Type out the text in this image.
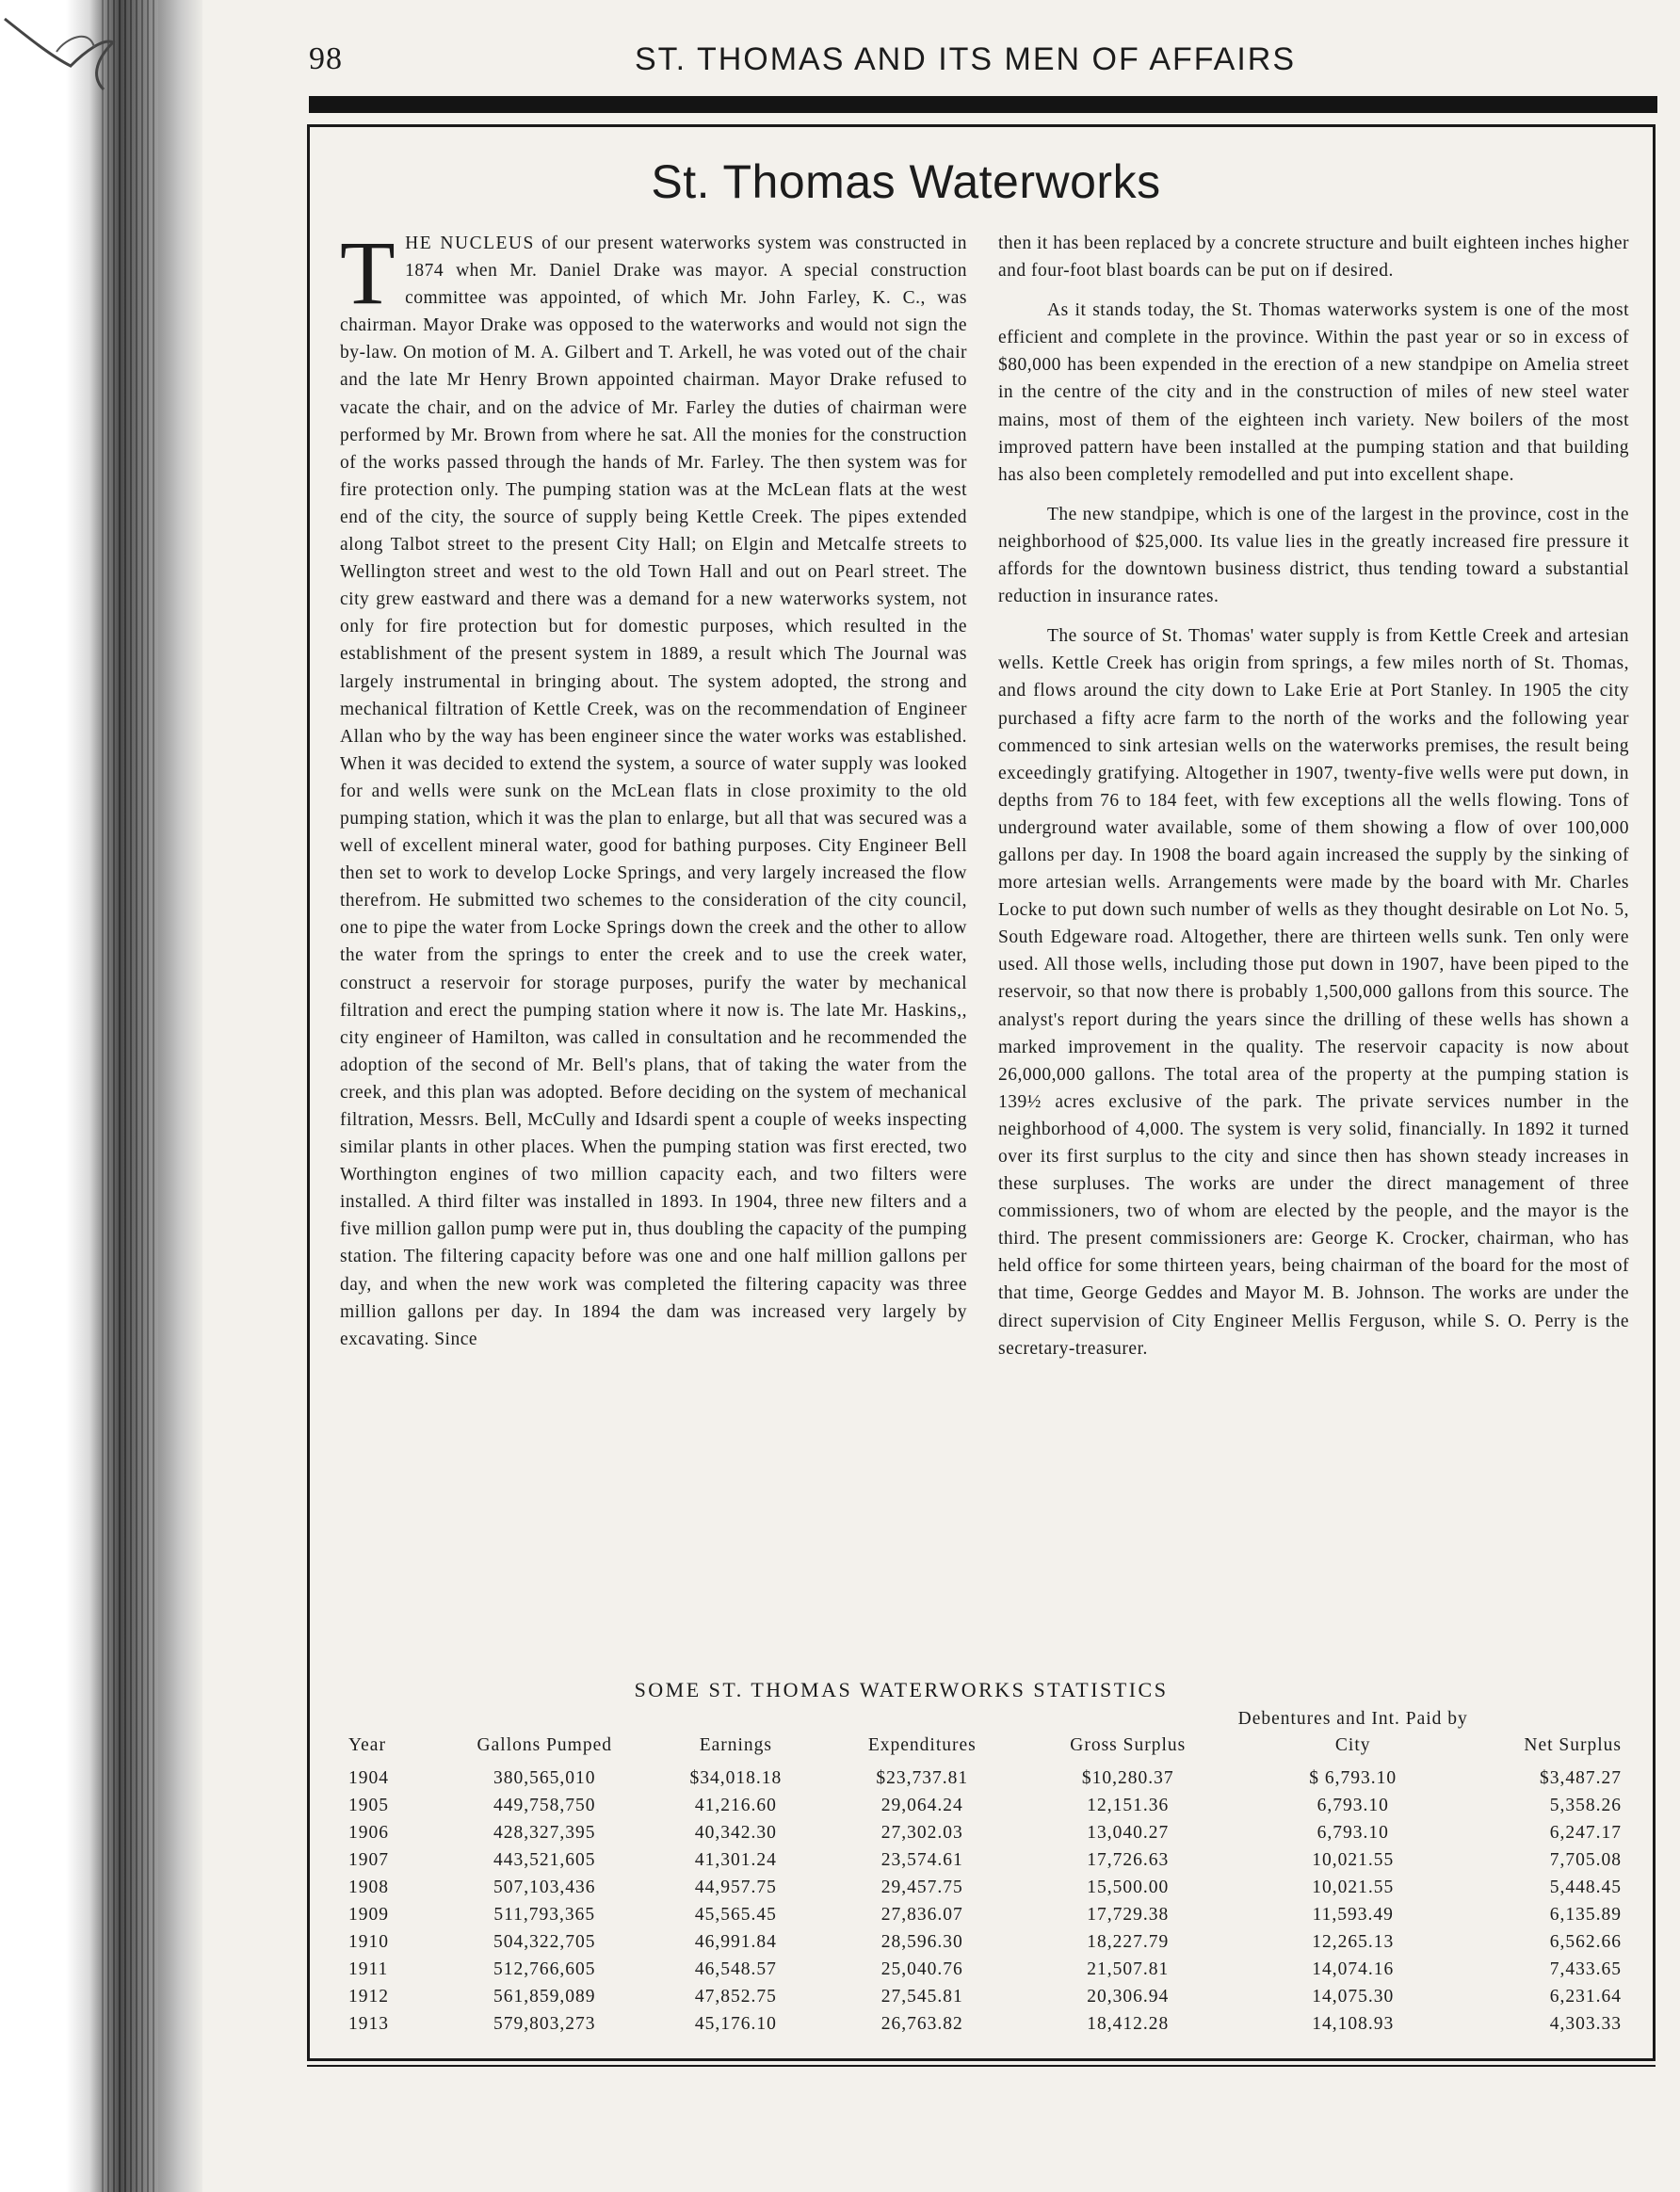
98	ST. THOMAS AND ITS MEN OF AFFAIRS
St. Thomas Waterworks

THE NUCLEUS of our present waterworks system was constructed in 1874 when Mr. Daniel Drake was mayor. A special construction committee was appointed, of which Mr. John Farley, K. C., was chairman. Mayor Drake was opposed to the waterworks and would not sign the by-law. On motion of M. A. Gilbert and T. Arkell, he was voted out of the chair and the late Mr Henry Brown appointed chairman. Mayor Drake refused to vacate the chair, and on the advice of Mr. Farley the duties of chairman were performed by Mr. Brown from where he sat. All the monies for the construction of the works passed through the hands of Mr. Farley. The then system was for fire protection only. The pumping station was at the McLean flats at the west end of the city, the source of supply being Kettle Creek. The pipes extended along Talbot street to the present City Hall; on Elgin and Metcalfe streets to Wellington street and west to the old Town Hall and out on Pearl street. The city grew eastward and there was a demand for a new waterworks system, not only for fire protection but for domestic purposes, which resulted in the establishment of the present system in 1889, a result which The Journal was largely instrumental in bringing about. The system adopted, the strong and mechanical filtration of Kettle Creek, was on the recommendation of Engineer Allan who by the way has been engineer since the water works was established. When it was decided to extend the system, a source of water supply was looked for and wells were sunk on the McLean flats in close proximity to the old pumping station, which it was the plan to enlarge, but all that was secured was a well of excellent mineral water, good for bathing purposes. City Engineer Bell then set to work to develop Locke Springs, and very largely increased the flow therefrom. He submitted two schemes to the consideration of the city council, one to pipe the water from Locke Springs down the creek and the other to allow the water from the springs to enter the creek and to use the creek water, construct a reservoir for storage purposes, purify the water by mechanical filtration and erect the pumping station where it now is. The late Mr. Haskins,, city engineer of Hamilton, was called in consultation and he recommended the adoption of the second of Mr. Bell's plans, that of taking the water from the creek, and this plan was adopted. Before deciding on the system of mechanical filtration, Messrs. Bell, McCully and Idsardi spent a couple of weeks inspecting similar plants in other places. When the pumping station was first erected, two Worthington engines of two million capacity each, and two filters were installed. A third filter was installed in 1893. In 1904, three new filters and a five million gallon pump were put in, thus doubling the capacity of the pumping station. The filtering capacity before was one and one half million gallons per day, and when the new work was completed the filtering capacity was three million gallons per day. In 1894 the dam was increased very largely by excavating. Since

then it has been replaced by a concrete structure and built eighteen inches higher and four-foot blast boards can be put on if desired.

As it stands today, the St. Thomas waterworks system is one of the most efficient and complete in the province. Within the past year or so in excess of $80,000 has been expended in the erection of a new standpipe on Amelia street in the centre of the city and in the construction of miles of new steel water mains, most of them of the eighteen inch variety. New boilers of the most improved pattern have been installed at the pumping station and that building has also been completely remodelled and put into excellent shape.

The new standpipe, which is one of the largest in the province, cost in the neighborhood of $25,000. Its value lies in the greatly increased fire pressure it affords for the downtown business district, thus tending toward a substantial reduction in insurance rates.

The source of St. Thomas' water supply is from Kettle Creek and artesian wells. Kettle Creek has origin from springs, a few miles north of St. Thomas, and flows around the city down to Lake Erie at Port Stanley. In 1905 the city purchased a fifty acre farm to the north of the works and the following year commenced to sink artesian wells on the waterworks premises, the result being exceedingly gratifying. Altogether in 1907, twenty-five wells were put down, in depths from 76 to 184 feet, with few exceptions all the wells flowing. Tons of underground water available, some of them showing a flow of over 100,000 gallons per day. In 1908 the board again increased the supply by the sinking of more artesian wells. Arrangements were made by the board with Mr. Charles Locke to put down such number of wells as they thought desirable on Lot No. 5, South Edgeware road. Altogether, there are thirteen wells sunk. Ten only were used. All those wells, including those put down in 1907, have been piped to the reservoir, so that now there is probably 1,500,000 gallons from this source. The analyst's report during the years since the drilling of these wells has shown a marked improvement in the quality. The reservoir capacity is now about 26,000,000 gallons. The total area of the property at the pumping station is 139½ acres exclusive of the park. The private services number in the neighborhood of 4,000. The system is very solid, financially. In 1892 it turned over its first surplus to the city and since then has shown steady increases in these surpluses. The works are under the direct management of three commissioners, two of whom are elected by the people, and the mayor is the third. The present commissioners are: George K. Crocker, chairman, who has held office for some thirteen years, being chairman of the board for the most of that time, George Geddes and Mayor M. B. Johnson. The works are under the direct supervision of City Engineer Mellis Ferguson, while S. O. Perry is the secretary-treasurer.

SOME ST. THOMAS WATERWORKS STATISTICS
Year	Gallons Pumped	Earnings	Expenditures	Gross Surplus	Debentures and Int. Paid by City	Net Surplus
1904	380,565,010	$34,018.18	$23,737.81	$10,280.37	$ 6,793.10	$3,487.27
1905	449,758,750	41,216.60	29,064.24	12,151.36	6,793.10	5,358.26
1906	428,327,395	40,342.30	27,302.03	13,040.27	6,793.10	6,247.17
1907	443,521,605	41,301.24	23,574.61	17,726.63	10,021.55	7,705.08
1908	507,103,436	44,957.75	29,457.75	15,500.00	10,021.55	5,448.45
1909	511,793,365	45,565.45	27,836.07	17,729.38	11,593.49	6,135.89
1910	504,322,705	46,991.84	28,596.30	18,227.79	12,265.13	6,562.66
1911	512,766,605	46,548.57	25,040.76	21,507.81	14,074.16	7,433.65
1912	561,859,089	47,852.75	27,545.81	20,306.94	14,075.30	6,231.64
1913	579,803,273	45,176.10	26,763.82	18,412.28	14,108.93	4,303.33
